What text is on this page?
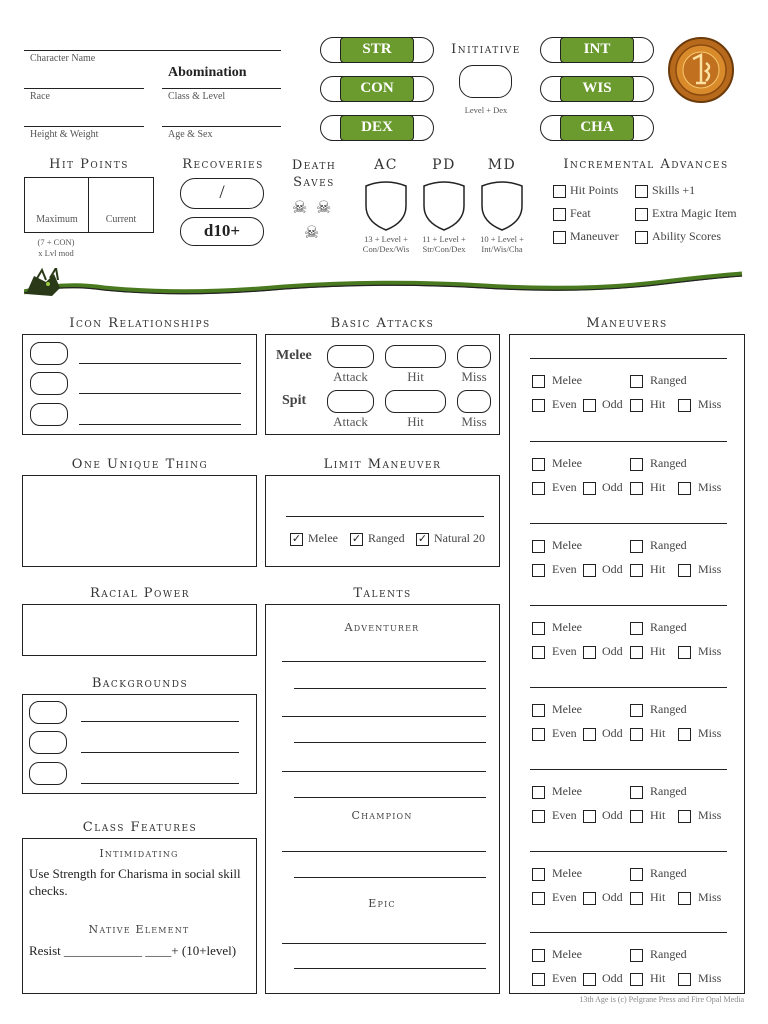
Character Name
Abomination
Race	Class & Level
Height & Weight	Age & Sex
STR
CON
DEX
INT
WIS
CHA
Initiative
Level + Dex
Hit Points
Maximum	Current
(7 + CON)
x Lvl mod
Recoveries
/
d10+
Death
Saves
☠ ☠
☠
AC	PD	MD
13 + Level +
Con/Dex/Wis
11 + Level +
Str/Con/Dex
10 + Level +
Int/Wis/Cha
Incremental Advances
Hit Points	Skills +1
Feat	Extra Magic Item
Maneuver	Ability Scores
Icon Relationships	Basic Attacks
Melee
Attack	Hit	Miss
Spit
Attack	Hit	Miss
Maneuvers
Melee	Ranged
Even Odd Hit	Miss
Melee	Ranged
Even Odd Hit	Miss
Melee	Ranged
Even Odd Hit	Miss
Melee	Ranged
Even Odd Hit	Miss
Melee	Ranged
Even Odd Hit	Miss
Melee	Ranged
Even Odd Hit	Miss
Melee	Ranged
Even Odd Hit	Miss
Melee	Ranged
Even Odd Hit	Miss
One Unique Thing	Limit Maneuver
✓ Melee ✓ Ranged ✓ Natural 20
Racial Power	Talents
Adventurer
Champion
Epic
Backgrounds
Class Features
Intimidating
Use Strength for Charisma in social skill checks.
Native Element
Resist ____________ ____+ (10+level)
13th Age is (c) Pelgrane Press and Fire Opal Media
